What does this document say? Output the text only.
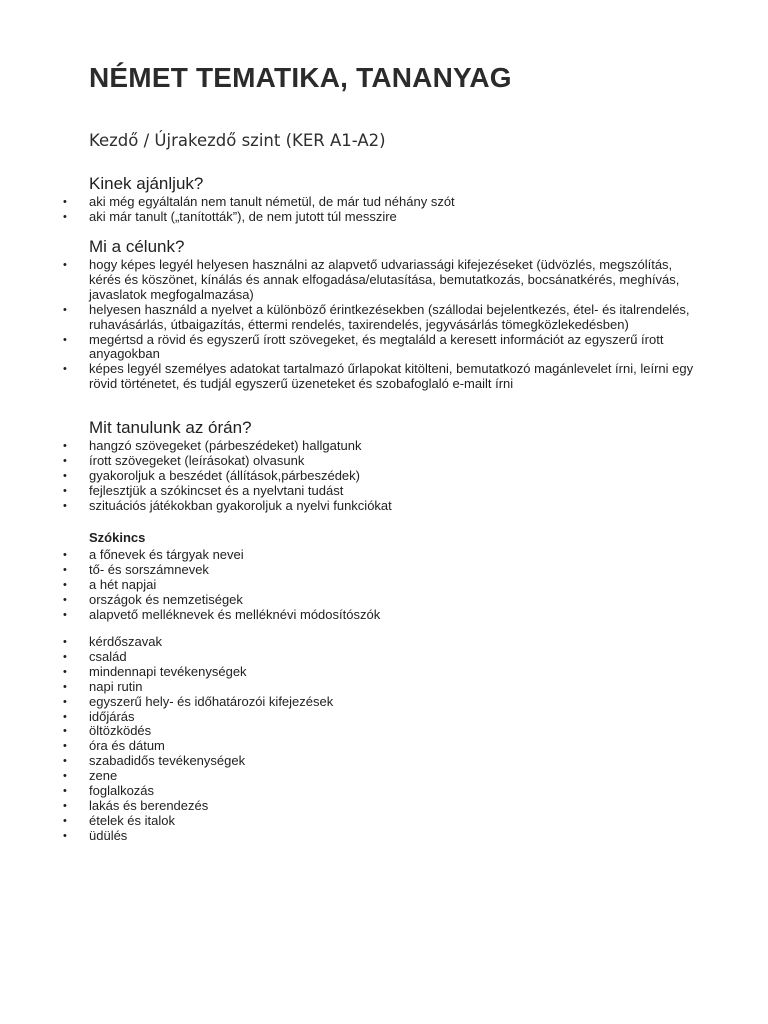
NÉMET TEMATIKA, TANANYAG
Kezdő / Újrakezdő szint (KER A1-A2)
Kinek ajánljuk?
• aki még egyáltalán nem tanult németül, de már tud néhány szót
• aki már tanult („tanították”), de nem jutott túl messzire
Mi a célunk?
• hogy képes legyél helyesen használni az alapvető udvariassági kifejezéseket (üdvözlés, megszólítás, kérés és köszönet, kínálás és annak elfogadása/elutasítása, bemutatkozás, bocsánatkérés, meghívás, javaslatok megfogalmazása)
• helyesen használd a nyelvet a különböző érintkezésekben (szállodai bejelentkezés, étel- és italrendelés, ruhavásárlás, útbaigazítás, éttermi rendelés, taxirendelés, jegyvásárlás tömegközlekedésben)
• megértsd a rövid és egyszerű írott szövegeket, és megtaláld a keresett információt az egyszerű írott anyagokban
• képes legyél személyes adatokat tartalmazó űrlapokat kitölteni, bemutatkozó magánlevelet írni, leírni egy rövid történetet, és tudjál egyszerű üzeneteket és szobafoglaló e-mailt írni
Mit tanulunk az órán?
• hangzó szövegeket (párbeszédeket) hallgatunk
• írott szövegeket (leírásokat) olvasunk
• gyakoroljuk a beszédet (állítások,párbeszédek)
• fejlesztjük a szókincset és a nyelvtani tudást
• szituációs játékokban gyakoroljuk a nyelvi funkciókat
Szókincs
• a főnevek és tárgyak nevei
• tő- és sorszámnevek
• a hét napjai
• országok és nemzetiségek
• alapvető melléknevek és melléknévi módosítószók
• kérdőszavak
• család
• mindennapi tevékenységek
• napi rutin
• egyszerű hely- és időhatározói kifejezések
• időjárás
• öltözködés
• óra és dátum
• szabadidős tevékenységek
• zene
• foglalkozás
• lakás és berendezés
• ételek és italok
• üdülés
